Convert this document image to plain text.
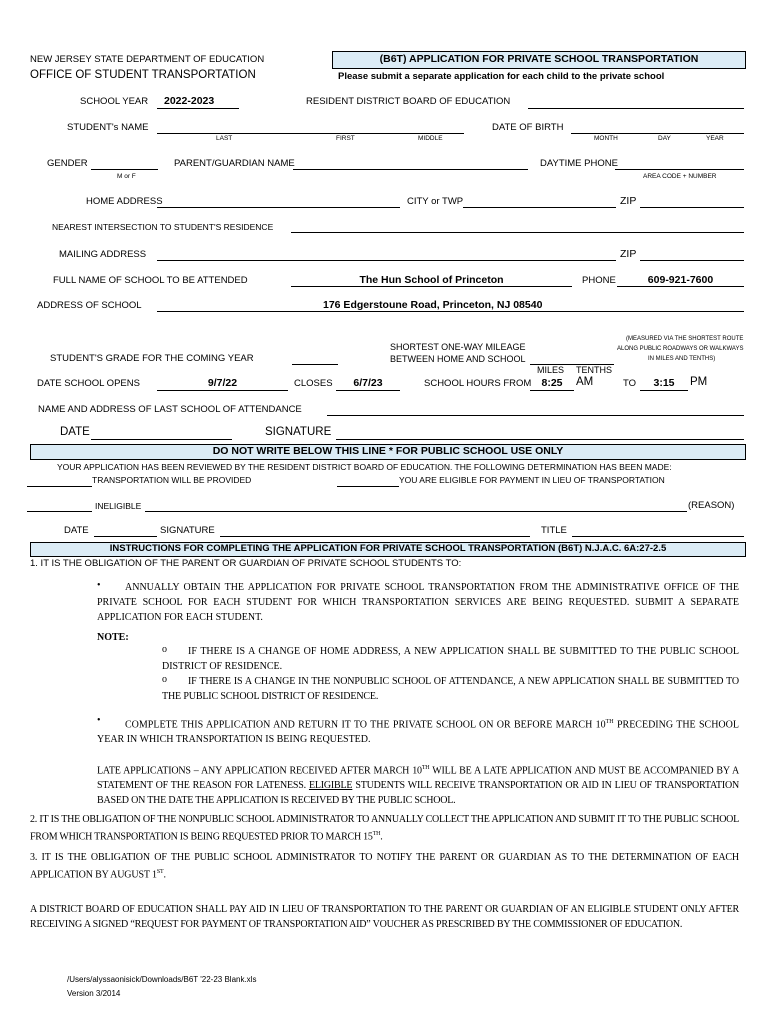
NEW JERSEY STATE DEPARTMENT OF EDUCATION
OFFICE OF STUDENT TRANSPORTATION
(B6T) APPLICATION FOR PRIVATE SCHOOL TRANSPORTATION
Please submit a separate application for each child to the private school
SCHOOL YEAR 2022-2023	RESIDENT DISTRICT BOARD OF EDUCATION
STUDENT's NAME
LAST	FIRST	MIDDLE
DATE OF BIRTH
MONTH	DAY	YEAR
GENDER
M or F
PARENT/GUARDIAN NAME	DAYTIME PHONE
AREA CODE + NUMBER
HOME ADDRESS	CITY or TWP	ZIP
NEAREST INTERSECTION TO STUDENT'S RESIDENCE
MAILING ADDRESS	ZIP
FULL NAME OF SCHOOL TO BE ATTENDED	The Hun School of Princeton	PHONE	609-921-7600
ADDRESS OF SCHOOL	176 Edgerstoune Road, Princeton, NJ 08540
(MEASURED VIA THE SHORTEST ROUTE
ALONG PUBLIC ROADWAYS OR WALKWAYS
IN MILES AND TENTHS)
SHORTEST ONE-WAY MILEAGE
BETWEEN HOME AND SCHOOL
MILES TENTHS
STUDENT'S GRADE FOR THE COMING YEAR
DATE SCHOOL OPENS	9/7/22	CLOSES	6/7/23	SCHOOL HOURS FROM 8:25	AM	TO	3:15	PM
NAME AND ADDRESS OF LAST SCHOOL OF ATTENDANCE
DATE	SIGNATURE
DO NOT WRITE BELOW THIS LINE * FOR PUBLIC SCHOOL USE ONLY
YOUR APPLICATION HAS BEEN REVIEWED BY THE RESIDENT DISTRICT BOARD OF EDUCATION. THE FOLLOWING DETERMINATION HAS BEEN MADE:
TRANSPORTATION WILL BE PROVIDED	YOU ARE ELIGIBLE FOR PAYMENT IN LIEU OF TRANSPORTATION
INELIGIBLE	(REASON)
DATE	SIGNATURE	TITLE
INSTRUCTIONS FOR COMPLETING THE APPLICATION FOR PRIVATE SCHOOL TRANSPORTATION (B6T) N.J.A.C. 6A:27-2.5
1. IT IS THE OBLIGATION OF THE PARENT OR GUARDIAN OF PRIVATE SCHOOL STUDENTS TO:
•	ANNUALLY OBTAIN THE APPLICATION FOR PRIVATE SCHOOL TRANSPORTATION FROM THE ADMINISTRATIVE OFFICE OF THE PRIVATE SCHOOL FOR EACH STUDENT FOR WHICH TRANSPORTATION SERVICES ARE BEING REQUESTED. SUBMIT A SEPARATE APPLICATION FOR EACH STUDENT.
NOTE:
o	IF THERE IS A CHANGE OF HOME ADDRESS, A NEW APPLICATION SHALL BE SUBMITTED TO THE PUBLIC SCHOOL DISTRICT OF RESIDENCE.
o	IF THERE IS A CHANGE IN THE NONPUBLIC SCHOOL OF ATTENDANCE, A NEW APPLICATION SHALL BE SUBMITTED TO THE PUBLIC SCHOOL DISTRICT OF RESIDENCE.
•	COMPLETE THIS APPLICATION AND RETURN IT TO THE PRIVATE SCHOOL ON OR BEFORE MARCH 10TH PRECEDING THE SCHOOL YEAR IN WHICH TRANSPORTATION IS BEING REQUESTED.
LATE APPLICATIONS – ANY APPLICATION RECEIVED AFTER MARCH 10TH WILL BE A LATE APPLICATION AND MUST BE ACCOMPANIED BY A STATEMENT OF THE REASON FOR LATENESS. ELIGIBLE STUDENTS WILL RECEIVE TRANSPORTATION OR AID IN LIEU OF TRANSPORTATION BASED ON THE DATE THE APPLICATION IS RECEIVED BY THE PUBLIC SCHOOL.
2. IT IS THE OBLIGATION OF THE NONPUBLIC SCHOOL ADMINISTRATOR TO ANNUALLY COLLECT THE APPLICATION AND SUBMIT IT TO THE PUBLIC SCHOOL FROM WHICH TRANSPORTATION IS BEING REQUESTED PRIOR TO MARCH 15TH.
3. IT IS THE OBLIGATION OF THE PUBLIC SCHOOL ADMINISTRATOR TO NOTIFY THE PARENT OR GUARDIAN AS TO THE DETERMINATION OF EACH APPLICATION BY AUGUST 1ST.
A DISTRICT BOARD OF EDUCATION SHALL PAY AID IN LIEU OF TRANSPORTATION TO THE PARENT OR GUARDIAN OF AN ELIGIBLE STUDENT ONLY AFTER RECEIVING A SIGNED “REQUEST FOR PAYMENT OF TRANSPORTATION AID” VOUCHER AS PRESCRIBED BY THE COMMISSIONER OF EDUCATION.
/Users/alyssaonisick/Downloads/B6T '22-23 Blank.xls
Version 3/2014
